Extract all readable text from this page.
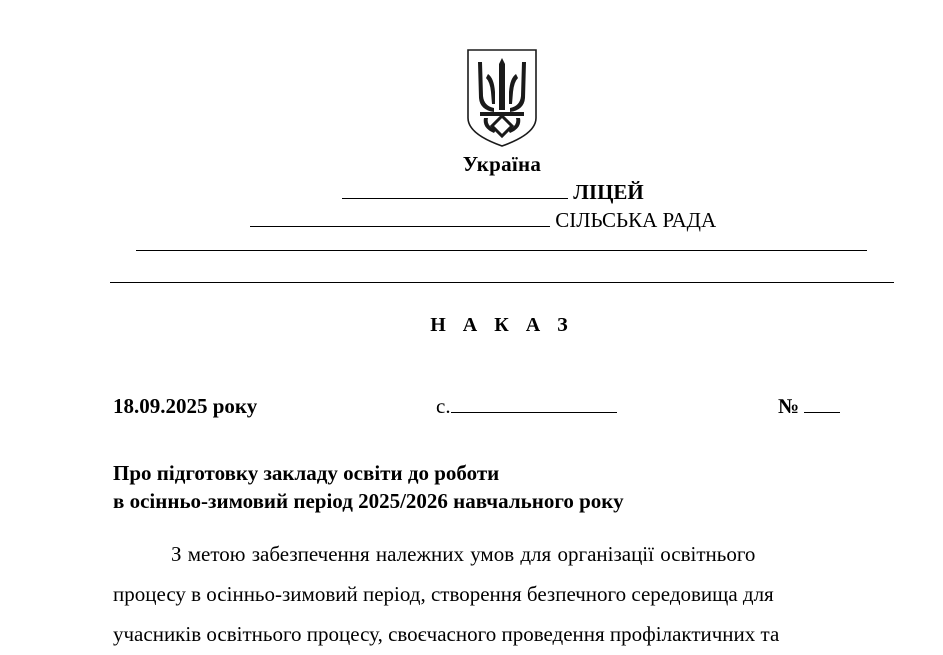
Україна
ЛІЦЕЙ
СІЛЬСЬКА РАДА
Н А К А З
18.09.2025 року	с.	№
Про підготовку закладу освіти до роботи
в осінньо-зимовий період 2025/2026 навчального року
З метою забезпечення належних умов для організації освітнього
процесу в осінньо-зимовий період, створення безпечного середовища для
учасників освітнього процесу, своєчасного проведення профілактичних та
